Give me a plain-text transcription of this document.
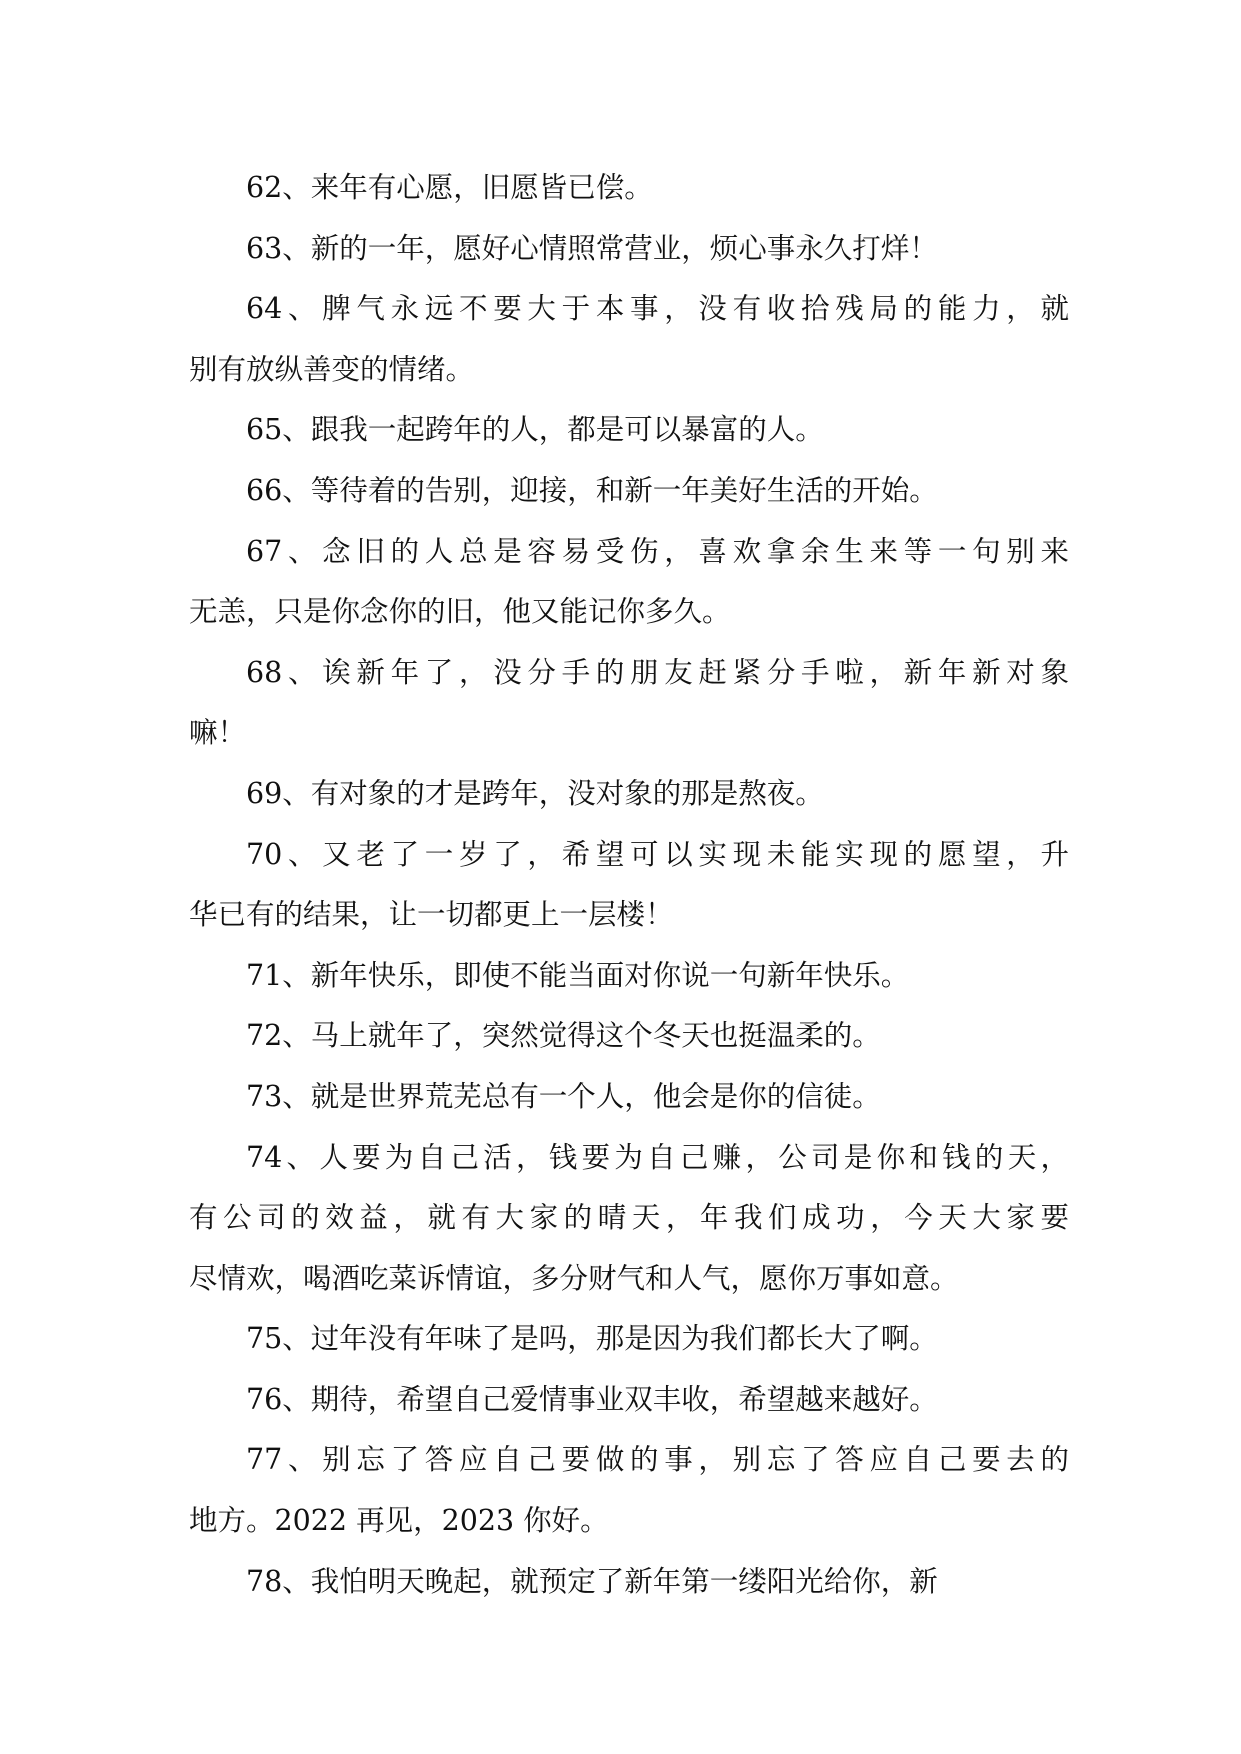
62、来年有心愿，旧愿皆已偿。
63、新的一年，愿好心情照常营业，烦心事永久打烊！
64、脾气永远不要大于本事，没有收拾残局的能力，就
别有放纵善变的情绪。
65、跟我一起跨年的人，都是可以暴富的人。
66、等待着的告别，迎接，和新一年美好生活的开始。
67、念旧的人总是容易受伤，喜欢拿余生来等一句别来
无恙，只是你念你的旧，他又能记你多久。
68、诶新年了，没分手的朋友赶紧分手啦，新年新对象
嘛！
69、有对象的才是跨年，没对象的那是熬夜。
70、又老了一岁了，希望可以实现未能实现的愿望，升
华已有的结果，让一切都更上一层楼！
71、新年快乐，即使不能当面对你说一句新年快乐。
72、马上就年了，突然觉得这个冬天也挺温柔的。
73、就是世界荒芜总有一个人，他会是你的信徒。
74、人要为自己活，钱要为自己赚，公司是你和钱的天，
有公司的效益，就有大家的晴天，年我们成功，今天大家要
尽情欢，喝酒吃菜诉情谊，多分财气和人气，愿你万事如意。
75、过年没有年味了是吗，那是因为我们都长大了啊。
76、期待，希望自己爱情事业双丰收，希望越来越好。
77、别忘了答应自己要做的事，别忘了答应自己要去的
地方。2022 再见，2023 你好。
78、我怕明天晚起，就预定了新年第一缕阳光给你，新
